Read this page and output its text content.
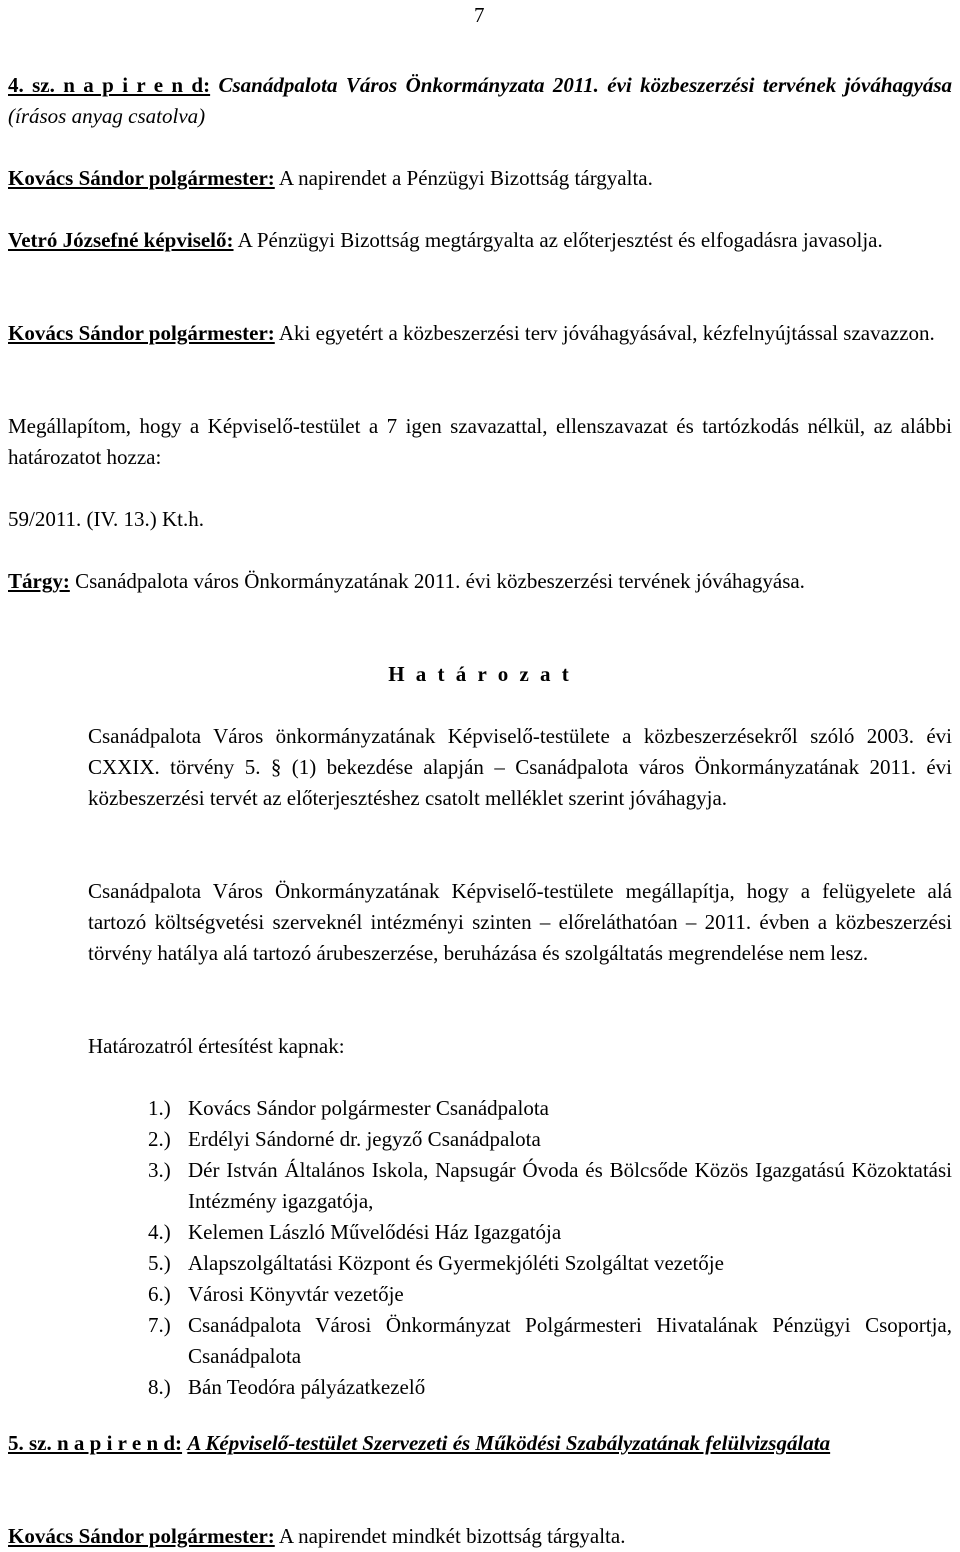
7
4. sz. n a p i r e n d: Csanádpalota Város Önkormányzata 2011. évi közbeszerzési tervének jóváhagyása (írásos anyag csatolva)
Kovács Sándor polgármester: A napirendet a Pénzügyi Bizottság tárgyalta.
Vetró Józsefné képviselő: A Pénzügyi Bizottság megtárgyalta az előterjesztést és elfogadásra javasolja.
Kovács Sándor polgármester: Aki egyetért a közbeszerzési terv jóváhagyásával, kézfelnyújtással szavazzon.
Megállapítom, hogy a Képviselő-testület a 7 igen szavazattal, ellenszavazat és tartózkodás nélkül, az alábbi határozatot hozza:
59/2011. (IV. 13.) Kt.h.
Tárgy: Csanádpalota város Önkormányzatának 2011. évi közbeszerzési tervének jóváhagyása.
H a t á r o z a t
Csanádpalota Város önkormányzatának Képviselő-testülete a közbeszerzésekről szóló 2003. évi CXXIX. törvény 5. § (1) bekezdése alapján – Csanádpalota város Önkormányzatának 2011. évi közbeszerzési tervét az előterjesztéshez csatolt melléklet szerint jóváhagyja.
Csanádpalota Város Önkormányzatának Képviselő-testülete megállapítja, hogy a felügyelete alá tartozó költségvetési szerveknél intézményi szinten – előreláthatóan – 2011. évben a közbeszerzési törvény hatálya alá tartozó árubeszerzése, beruházása és szolgáltatás megrendelése nem lesz.
Határozatról értesítést kapnak:
1.) Kovács Sándor polgármester Csanádpalota
2.) Erdélyi Sándorné dr. jegyző Csanádpalota
3.) Dér István Általános Iskola, Napsugár Óvoda és Bölcsőde Közös Igazgatású Közoktatási Intézmény igazgatója,
4.) Kelemen László Művelődési Ház Igazgatója
5.) Alapszolgáltatási Központ és Gyermekjóléti Szolgáltat vezetője
6.) Városi Könyvtár vezetője
7.) Csanádpalota Városi Önkormányzat Polgármesteri Hivatalának Pénzügyi Csoportja, Csanádpalota
8.) Bán Teodóra pályázatkezelő
5. sz. n a p i r e n d: A Képviselő-testület Szervezeti és Működési Szabályzatának felülvizsgálata
Kovács Sándor polgármester: A napirendet mindkét bizottság tárgyalta.
